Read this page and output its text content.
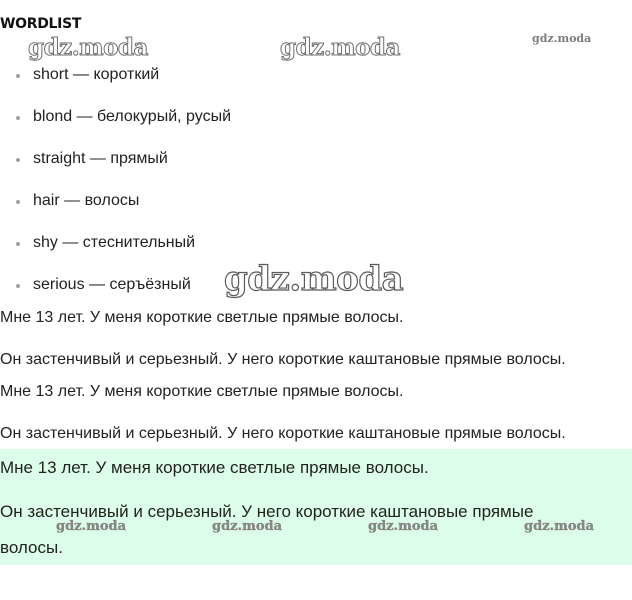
WORDLIST
short — короткий
blond — белокурый, русый
straight — прямый
hair — волосы
shy — стеснительный
serious — серъёзный

Мне 13 лет. У меня короткие светлые прямые волосы.

Он застенчивый и серьезный. У него короткие каштановые прямые волосы.

Мне 13 лет. У меня короткие светлые прямые волосы.

Он застенчивый и серьезный. У него короткие каштановые прямые волосы.

Мне 13 лет. У меня короткие светлые прямые волосы.

Он застенчивый и серьезный. У него короткие каштановые прямые волосы.

gdz.moda	gdz.moda	gdz.moda
gdz.moda
gdz.moda	gdz.moda	gdz.moda	gdz.moda
